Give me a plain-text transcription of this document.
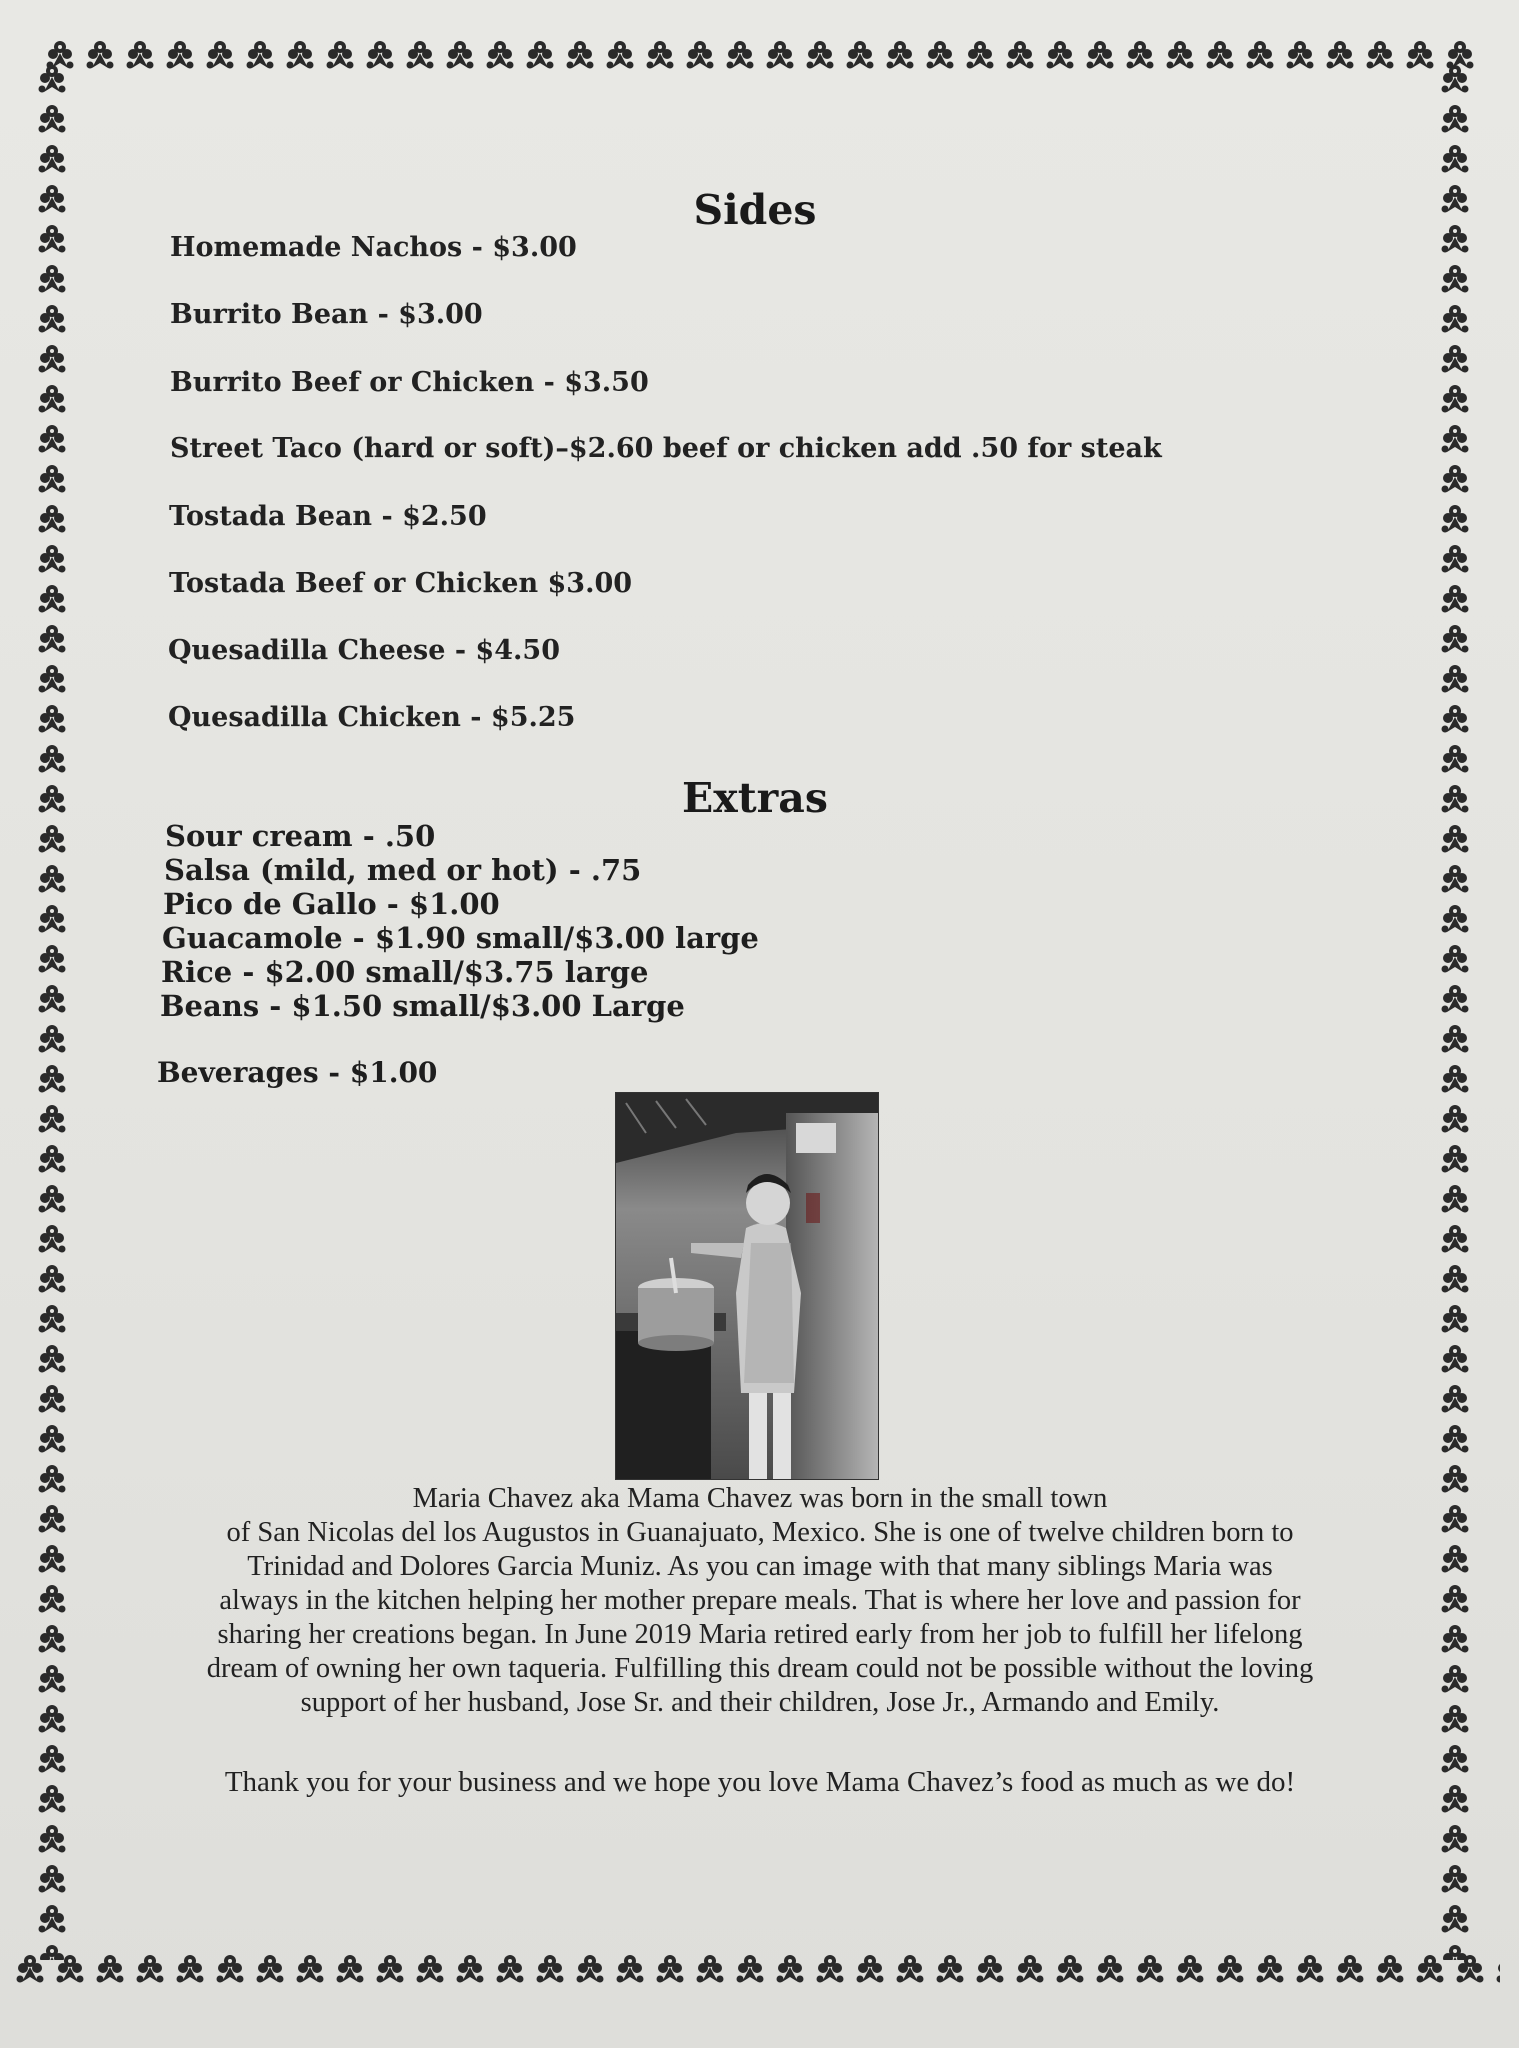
Sides
Homemade Nachos - $3.00
Burrito Bean - $3.00
Burrito Beef or Chicken - $3.50
Street Taco (hard or soft)–$2.60 beef or chicken add .50 for steak
Tostada Bean - $2.50
Tostada Beef or Chicken $3.00
Quesadilla Cheese - $4.50
Quesadilla Chicken - $5.25
Extras
Sour cream - .50
Salsa (mild, med or hot) - .75
Pico de Gallo - $1.00
Guacamole - $1.90 small/$3.00 large
Rice - $2.00 small/$3.75 large
Beans - $1.50 small/$3.00 Large
Beverages - $1.00
Maria Chavez aka Mama Chavez was born in the small town
of San Nicolas del los Augustos in Guanajuato, Mexico. She is one of twelve children born to
Trinidad and Dolores Garcia Muniz. As you can image with that many siblings Maria was
always in the kitchen helping her mother prepare meals. That is where her love and passion for
sharing her creations began. In June 2019 Maria retired early from her job to fulfill her lifelong
dream of owning her own taqueria. Fulfilling this dream could not be possible without the loving
support of her husband, Jose Sr. and their children, Jose Jr., Armando and Emily.
Thank you for your business and we hope you love Mama Chavez’s food as much as we do!
